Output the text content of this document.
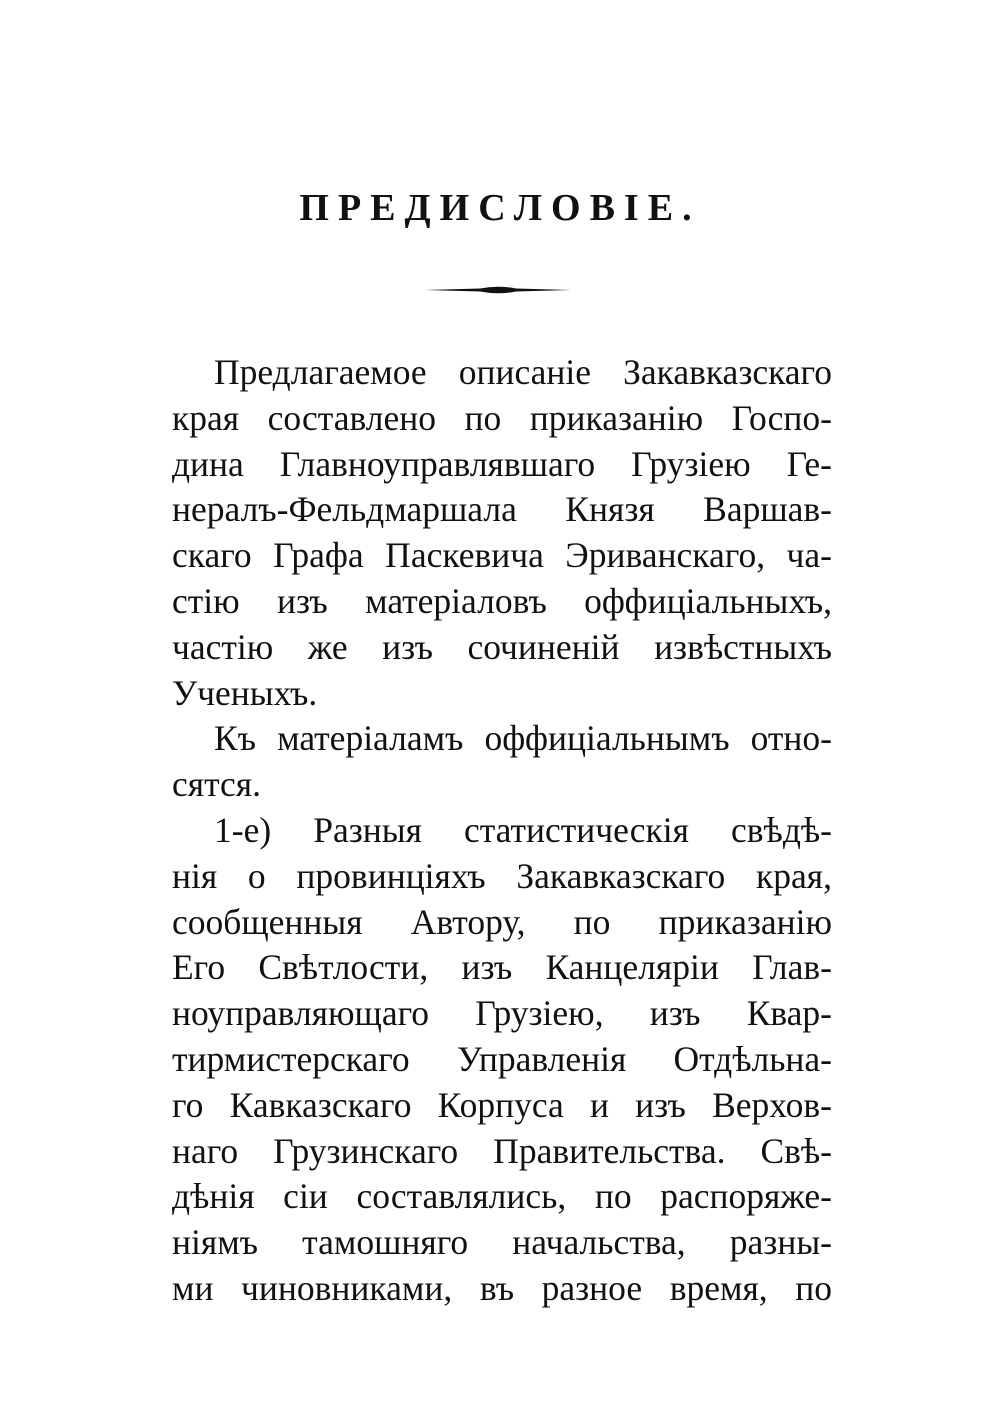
ПРЕДИСЛОВІЕ.
Предлагаемое описаніе Закавказскаго
края составлено по приказанію Госпо-
дина Главноуправлявшаго Грузіею Ге-
нералъ-Фельдмаршала Князя Варшав-
скаго Графа Паскевича Эриванскаго, ча-
стію изъ матеріаловъ оффиціальныхъ,
частію же изъ сочиненій извѣстныхъ
Ученыхъ.
Къ матеріаламъ оффиціальнымъ отно-
сятся.
1-е) Разныя статистическія свѣдѣ-
нія о провинціяхъ Закавказскаго края,
сообщенныя Автору, по приказанію
Его Свѣтлости, изъ Канцеляріи Глав-
ноуправляющаго Грузіею, изъ Квар-
тирмистерскаго Управленія Отдѣльна-
го Кавказскаго Корпуса и изъ Верхов-
наго Грузинскаго Правительства. Свѣ-
дѣнія сіи составлялись, по распоряже-
ніямъ тамошняго начальства, разны-
ми чиновниками, въ разное время, по
